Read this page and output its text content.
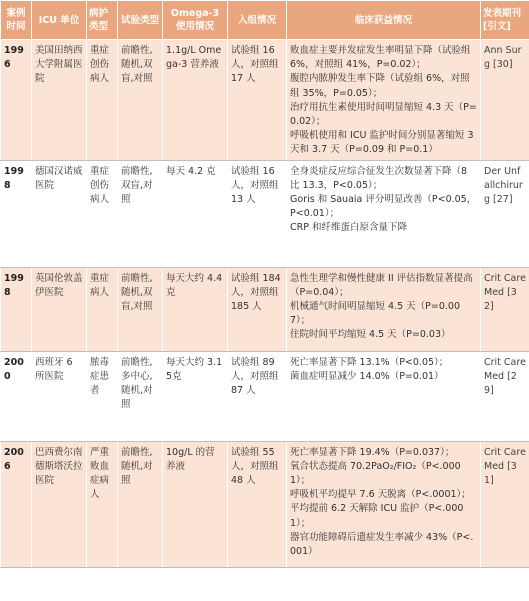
案例时间	ICU 单位	病护类型	试验类型	Omega-3 使用情况	入组情况	临床获益情况	发表期刊[引文]
1996	美国田纳西大学附属医院	重症创伤病人	前瞻性,随机,双盲,对照	1.1g/L Omega-3 营养液	试验组 16 人，对照组 17 人	败血症主要并发症发生率明显下降（试验组 6%，对照组 41%，P=0.02）；
腹腔内脓肿发生率下降（试验组 6%，对照组 35%，P=0.05）；
治疗用抗生素使用时间明显缩短 4.3 天（P=0.02）；
呼吸机使用和 ICU 监护时间分别显著缩短 3 天和 3.7 天（P=0.09 和 P=0.1）	Ann Surg [30]
1998	德国汉诺威医院	重症创伤病人	前瞻性,双盲,对照	每天 4.2 克	试验组 16 人，对照组 13 人	全身炎症反应综合征发生次数显著下降（8 比 13.3，P<0.05）；
Goris 和 Sauaia 评分明显改善（P<0.05，P<0.01）；
CRP 和纤维蛋白原含量下降	Der Unfallchirurg [27]
1998	英国伦敦盖伊医院	重症病人	前瞻性,随机,双盲,对照	每天大约 4.4克	试验组 184 人，对照组 185 人	急性生理学和慢性健康 II 评估指数显著提高（P=0.04）；
机械通气时间明显缩短 4.5 天（P=0.007）；
住院时间平均缩短 4.5 天（P=0.03）	Crit Care Med [32]
2000	西班牙 6 所医院	脓毒症患者	前瞻性,多中心,随机,对照	每天大约 3.15克	试验组 89 人，对照组 87 人	死亡率显著下降 13.1%（P<0.05）；
菌血症明显减少 14.0%（P=0.01）	Crit Care Med [29]
2006	巴西费尔南德斯塔沃拉医院	严重败血症病人	前瞻性,随机,对照	10g/L 的营养液	试验组 55 人，对照组 48 人	死亡率显著下降 19.4%（P=0.037）；
氧合状态提高 70.2PaO₂/FIO₂（P<.0001）；
呼吸机平均提早 7.6 天脱离（P<.0001）；
平均提前 6.2 天解除 ICU 监护（P<.0001）；
器官功能障碍后遗症发生率减少 43%（P<.001）	Crit Care Med [31]
